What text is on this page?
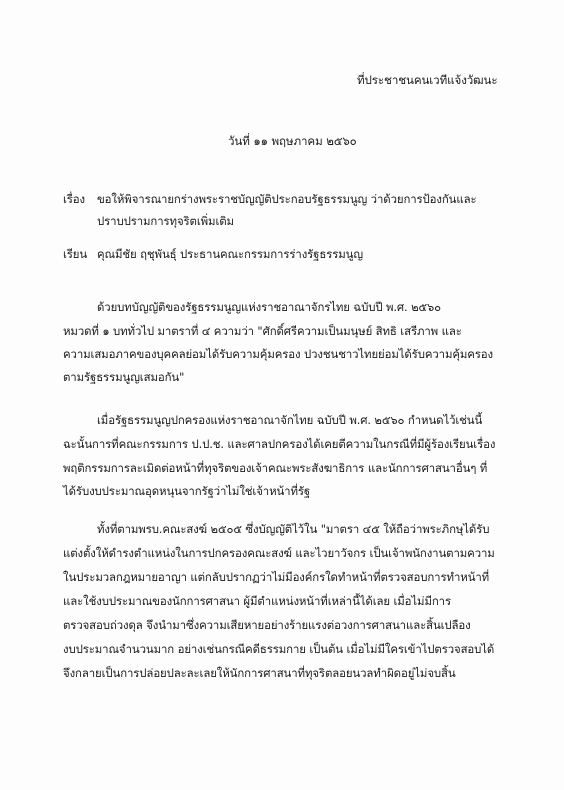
ที่ประชาชนคนเวทีแจ้งวัฒนะ
วันที่ ๑๑ พฤษภาคม ๒๕๖๐
เรื่อง ขอให้พิจารณายกร่างพระราชบัญญัติประกอบรัฐธรรมนูญ ว่าด้วยการป้องกันและ
ปราบปรามการทุจริตเพิ่มเติม
เรียน คุณมีชัย ฤชุพันธุ์ ประธานคณะกรรมการร่างรัฐธรรมนูญ
ด้วยบทบัญญัติของรัฐธรรมนูญแห่งราชอาณาจักรไทย ฉบับปี พ.ศ. ๒๕๖๐
หมวดที่ ๑ บททั่วไป มาตราที่ ๔ ความว่า "ศักดิ์ศรีความเป็นมนุษย์ สิทธิ เสรีภาพ และ
ความเสมอภาคของบุคคลย่อมได้รับความคุ้มครอง ปวงชนชาวไทยย่อมได้รับความคุ้มครอง
ตามรัฐธรรมนูญเสมอกัน"
เมื่อรัฐธรรมนูญปกครองแห่งราชอาณาจักไทย ฉบับปี พ.ศ. ๒๕๖๐ กำหนดไว้เช่นนี้
ฉะนั้นการที่คณะกรรมการ ป.ป.ช. และศาลปกครองได้เคยตีความในกรณีที่มีผู้ร้องเรียนเรื่อง
พฤติกรรมการละเมิดต่อหน้าที่ทุจริตของเจ้าคณะพระสังฆาธิการ และนักการศาสนาอื่นๆ ที่
ได้รับงบประมาณอุดหนุนจากรัฐว่าไม่ใช่เจ้าหน้าที่รัฐ
ทั้งที่ตามพรบ.คณะสงฆ์ ๒๕๐๕ ซึ่งบัญญัติไว้ใน "มาตรา ๔๕ ให้ถือว่าพระภิกษุได้รับ
แต่งตั้งให้ดำรงตำแหน่งในการปกครองคณะสงฆ์ และไวยาวัจกร เป็นเจ้าพนักงานตามความ
ในประมวลกฎหมายอาญา แต่กลับปรากฏว่าไม่มีองค์กรใดทำหน้าที่ตรวจสอบการทำหน้าที่
และใช้งบประมาณของนักการศาสนา ผู้มีตำแหน่งหน้าที่เหล่านี้ได้เลย เมื่อไม่มีการ
ตรวจสอบถ่วงดุล จึงนำมาซึ่งความเสียหายอย่างร้ายแรงต่อวงการศาสนาและสิ้นเปลือง
งบประมาณจำนวนมาก อย่างเช่นกรณีคดีธรรมกาย เป็นต้น เมื่อไม่มีใครเข้าไปตรวจสอบได้
จึงกลายเป็นการปล่อยปละละเลยให้นักการศาสนาที่ทุจริตลอยนวลทำผิดอยู่ไม่จบสิ้น
